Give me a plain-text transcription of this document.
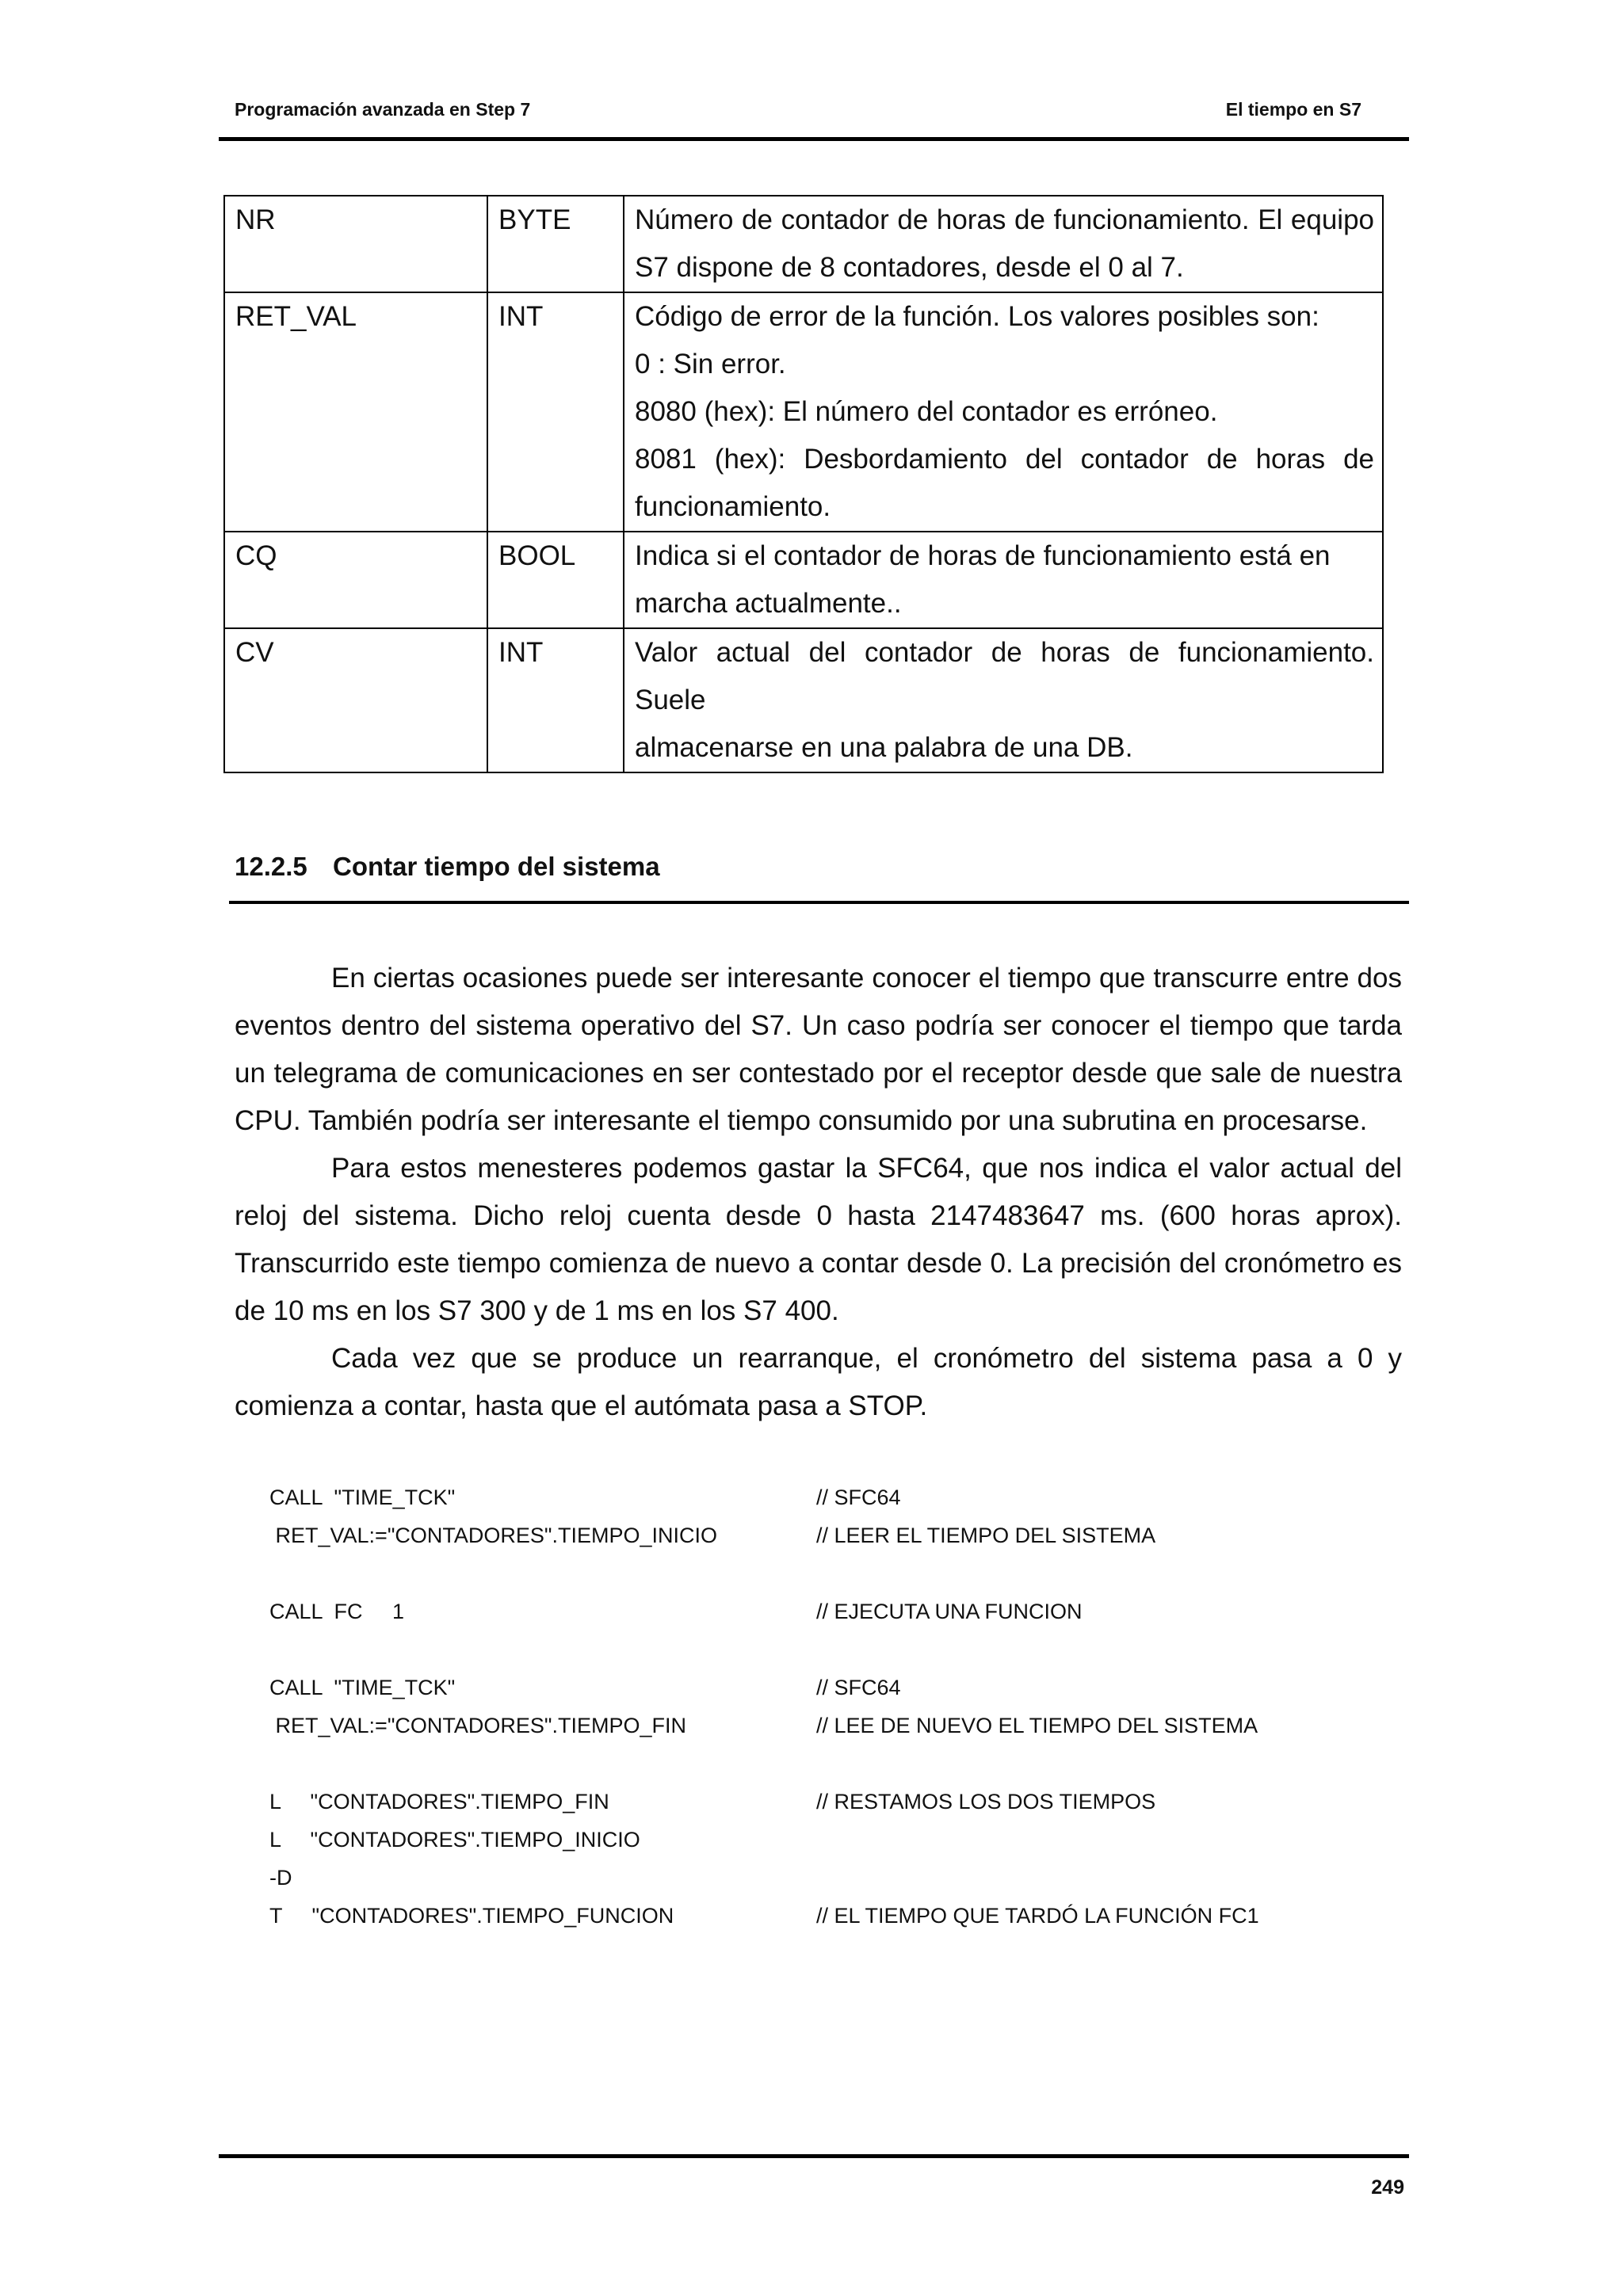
Programación avanzada en Step 7	El tiempo en S7
NR	BYTE	Número de contador de horas de funcionamiento. El equipo
S7 dispone de 8 contadores, desde el 0 al 7.

RET_VAL	INT	Código de error de la función. Los valores posibles son:
0 : Sin error.
8080 (hex): El número del contador es erróneo.
8081 (hex): Desbordamiento del contador de horas de
funcionamiento.

CQ	BOOL	Indica si el contador de horas de funcionamiento está en
marcha actualmente..

CV	INT	Valor actual del contador de horas de funcionamiento. Suele
almacenarse en una palabra de una DB.
12.2.5 Contar tiempo del sistema

En ciertas ocasiones puede ser interesante conocer el tiempo que transcurre entre dos eventos dentro del sistema operativo del S7. Un caso podría ser conocer el tiempo que tarda un telegrama de comunicaciones en ser contestado por el receptor desde que sale de nuestra CPU. También podría ser interesante el tiempo consumido por una subrutina en procesarse.

Para estos menesteres podemos gastar la SFC64, que nos indica el valor actual del reloj del sistema. Dicho reloj cuenta desde 0 hasta 2147483647 ms. (600 horas aprox). Transcurrido este tiempo comienza de nuevo a contar desde 0. La precisión del cronómetro es de 10 ms en los S7 300 y de 1 ms en los S7 400.

Cada vez que se produce un rearranque, el cronómetro del sistema pasa a 0 y comienza a contar, hasta que el autómata pasa a STOP.

CALL  "TIME_TCK"	// SFC64
RET_VAL:="CONTADORES".TIEMPO_INICIO	// LEER EL TIEMPO DEL SISTEMA
CALL  FC     1	// EJECUTA UNA FUNCION
CALL  "TIME_TCK"	// SFC64
RET_VAL:="CONTADORES".TIEMPO_FIN	// LEE DE NUEVO EL TIEMPO DEL SISTEMA
L     "CONTADORES".TIEMPO_FIN	// RESTAMOS LOS DOS TIEMPOS
L     "CONTADORES".TIEMPO_INICIO
-D
T     "CONTADORES".TIEMPO_FUNCION	// EL TIEMPO QUE TARDÓ LA FUNCIÓN FC1
249
